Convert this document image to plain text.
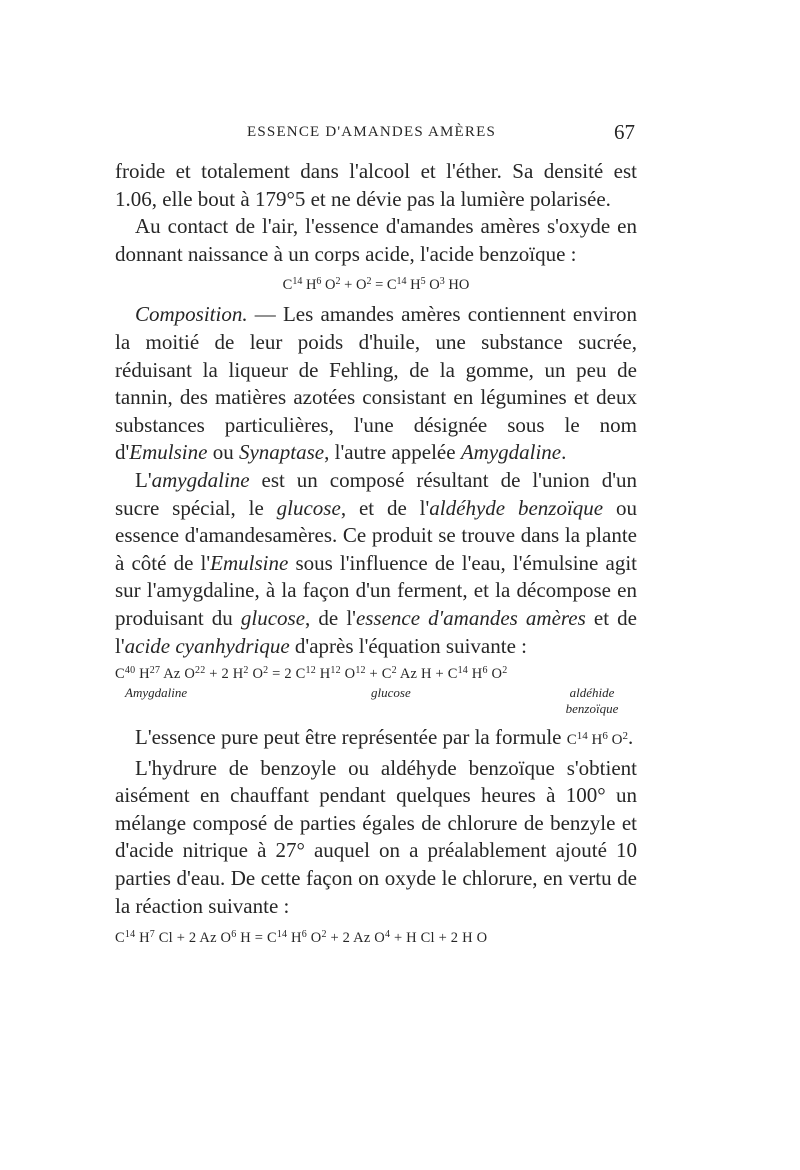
ESSENCE D'AMANDES AMÈRES	67

froide et totalement dans l'alcool et l'éther. Sa densité est 1.06, elle bout à 179°5 et ne dévie pas la lumière polarisée.

Au contact de l'air, l'essence d'amandes amères s'oxyde en donnant naissance à un corps acide, l'acide benzoïque :

$C^{14}$ $H^6$ $O^2 + O^2 = C^{14}$ $H^5$ $O^3$ HO

Composition. — Les amandes amères contiennent environ la moitié de leur poids d'huile, une substance sucrée, réduisant la liqueur de Fehling, de la gomme, un peu de tannin, des matières azotées consistant en légumines et deux substances particulières, l'une désignée sous le nom d'Emulsine ou Synaptase, l'autre appelée Amygdaline.

L'amygdaline est un composé résultant de l'union d'un sucre spécial, le glucose, et de l'aldéhyde benzoïque ou essence d'amandesamères. Ce produit se trouve dans la plante à côté de l'Emulsine sous l'influence de l'eau, l'émulsine agit sur l'amygdaline, à la façon d'un ferment, et la décompose en produisant du glucose, de l'essence d'amandes amères et de l'acide cyanhydrique d'après l'équation suivante :

$C^{40}$ $H^{27}$ Az $O^{22} + 2$ $H^2$ $O^2 = 2$ $C^{12}$ $H^{12}$ $O^{12} + C^2$ Az $H + C^{14}$ $H^6$ $O^2$
Amygdaline	glucose	aldéhide
benzoïque

L'essence pure peut être représentée par la formule $C^{14}$ $H^6$ $O^2$.

L'hydrure de benzoyle ou aldéhyde benzoïque s'obtient aisément en chauffant pendant quelques heures à 100° un mélange composé de parties égales de chlorure de benzyle et d'acide nitrique à 27° auquel on a préalablement ajouté 10 parties d'eau. De cette façon on oxyde le chlorure, en vertu de la réaction suivante :

$C^{14}$ $H^7$ Cl + 2 Az $O^6$ $H = C^{14}$ $H^6$ $O^2 + 2$ Az $O^4 + H$ Cl + 2 H O
